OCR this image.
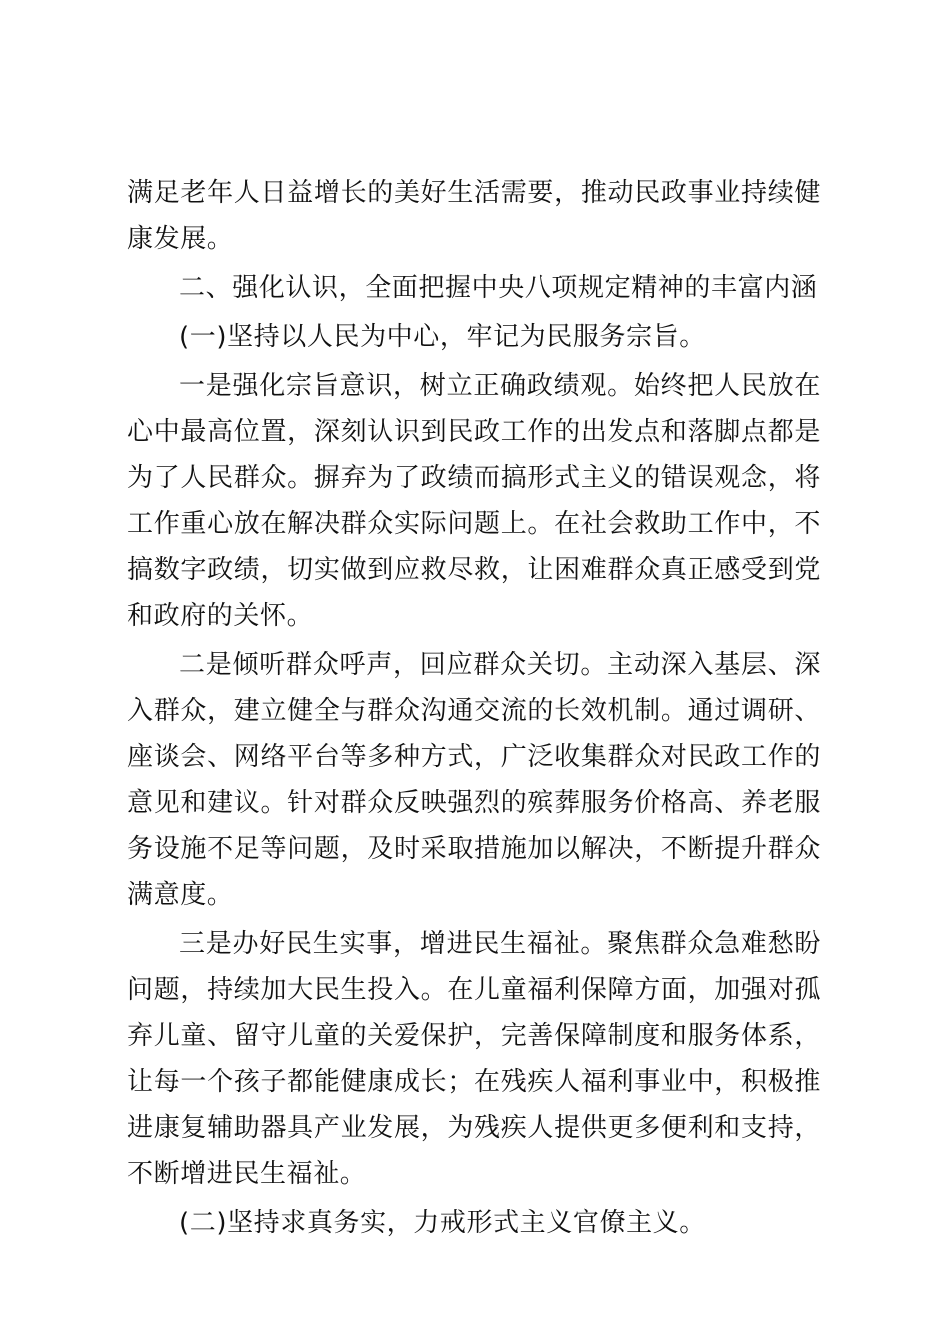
满足老年人日益增长的美好生活需要，推动民政事业持续健康发展。

二、强化认识，全面把握中央八项规定精神的丰富内涵

(一)坚持以人民为中心，牢记为民服务宗旨。

一是强化宗旨意识，树立正确政绩观。始终把人民放在心中最高位置，深刻认识到民政工作的出发点和落脚点都是为了人民群众。摒弃为了政绩而搞形式主义的错误观念，将工作重心放在解决群众实际问题上。在社会救助工作中，不搞数字政绩，切实做到应救尽救，让困难群众真正感受到党和政府的关怀。

二是倾听群众呼声，回应群众关切。主动深入基层、深入群众，建立健全与群众沟通交流的长效机制。通过调研、座谈会、网络平台等多种方式，广泛收集群众对民政工作的意见和建议。针对群众反映强烈的殡葬服务价格高、养老服务设施不足等问题，及时采取措施加以解决，不断提升群众满意度。

三是办好民生实事，增进民生福祉。聚焦群众急难愁盼问题，持续加大民生投入。在儿童福利保障方面，加强对孤弃儿童、留守儿童的关爱保护，完善保障制度和服务体系，让每一个孩子都能健康成长；在残疾人福利事业中，积极推进康复辅助器具产业发展，为残疾人提供更多便利和支持，不断增进民生福祉。

(二)坚持求真务实，力戒形式主义官僚主义。
